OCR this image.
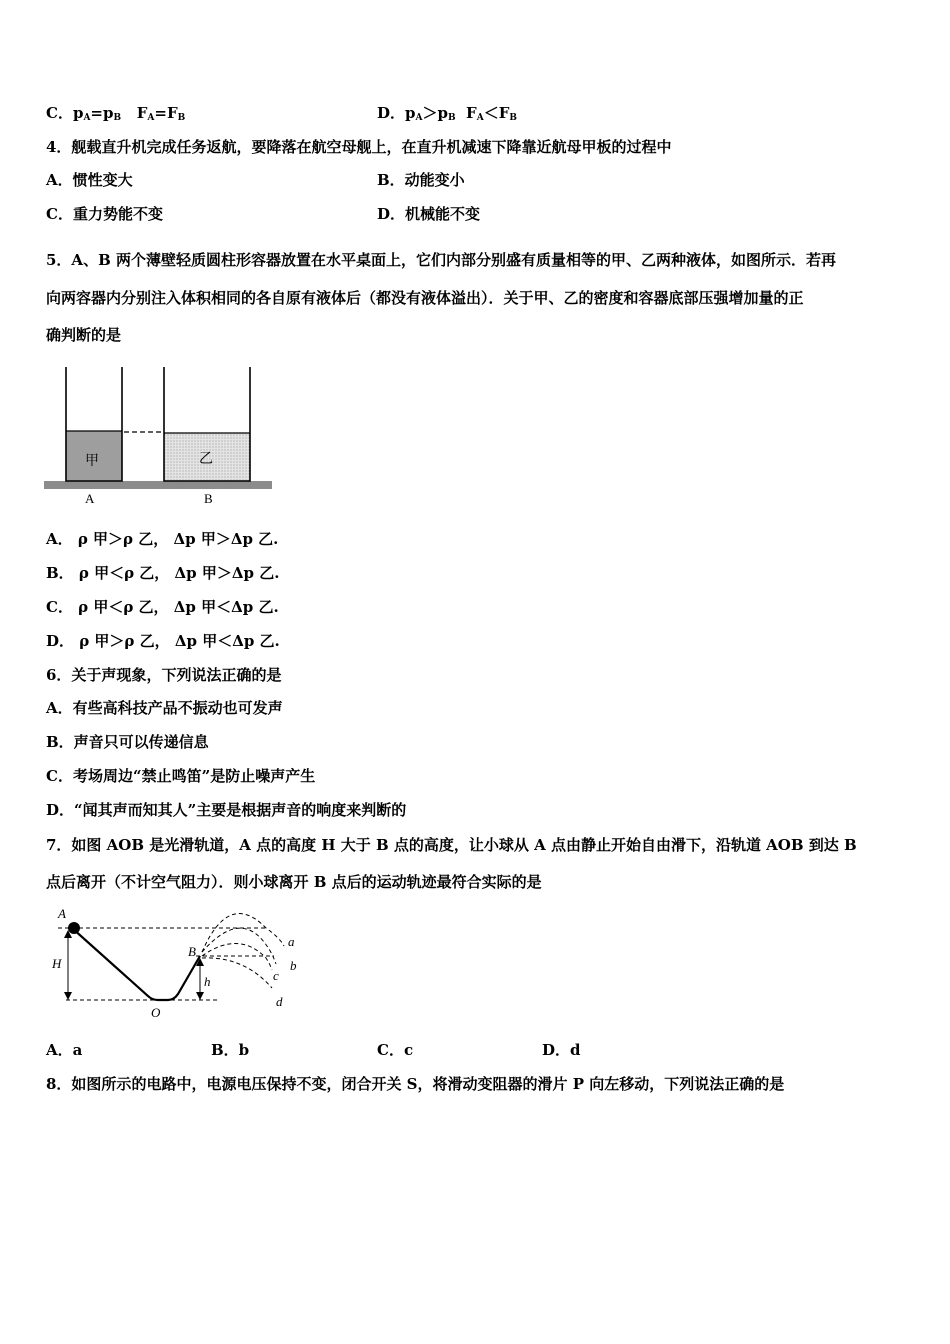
C．$p_A=p_B$ $F_A=F_B$	D．$p_A>p_B$ $F_A<F_B$
4．舰载直升机完成任务返航，要降落在航空母舰上，在直升机减速下降靠近航母甲板的过程中
A．惯性变大	B．动能变小
C．重力势能不变	D．机械能不变
5．A、B 两个薄壁轻质圆柱形容器放置在水平桌面上，它们内部分别盛有质量相等的甲、乙两种液体，如图所示．若再
向两容器内分别注入体积相同的各自原有液体后（都没有液体溢出）．关于甲、乙的密度和容器底部压强增加量的正
确判断的是
甲	乙
A	B
A． ρ 甲＞ρ 乙， Δp 甲＞Δp 乙.
B． ρ 甲＜ρ 乙， Δp 甲＞Δp 乙.
C． ρ 甲＜ρ 乙， Δp 甲＜Δp 乙.
D． ρ 甲＞ρ 乙， Δp 甲＜Δp 乙.
6．关于声现象，下列说法正确的是
A．有些高科技产品不振动也可发声
B．声音只可以传递信息
C．考场周边“禁止鸣笛”是防止噪声产生
D．“闻其声而知其人”主要是根据声音的响度来判断的
7．如图 AOB 是光滑轨道，A 点的高度 H 大于 B 点的高度，让小球从 A 点由静止开始自由滑下，沿轨道 AOB 到达 B
点后离开（不计空气阻力）．则小球离开 B 点后的运动轨迹最符合实际的是
A
H
B
h
O
a
b
c
d
A．a	B．b	C．c	D．d
8．如图所示的电路中，电源电压保持不变，闭合开关 S，将滑动变阻器的滑片 P 向左移动，下列说法正确的是
